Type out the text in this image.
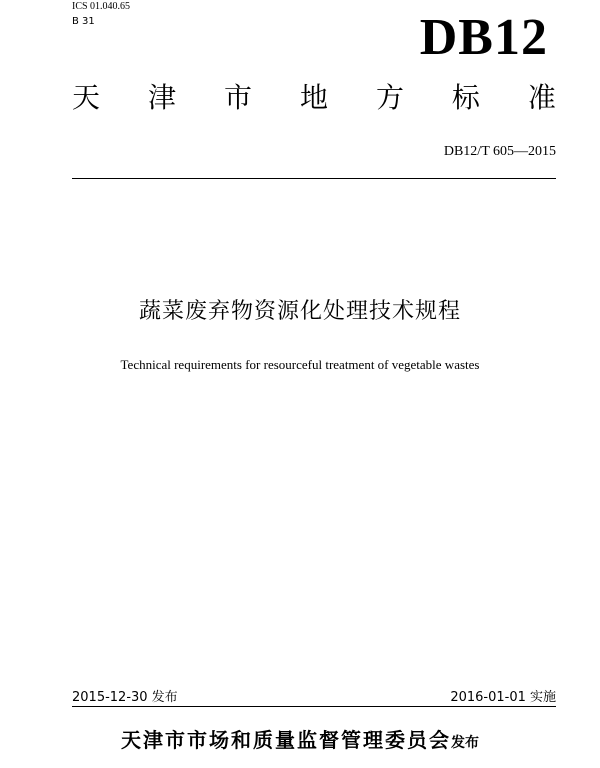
ICS 01.040.65
B 31	DB12
天 津 市 地 方 标 准
DB12/T 605—2015
蔬菜废弃物资源化处理技术规程
Technical requirements for resourceful treatment of vegetable wastes
2015-12-30 发布	2016-01-01 实施
天津市市场和质量监督管理委员会发布
